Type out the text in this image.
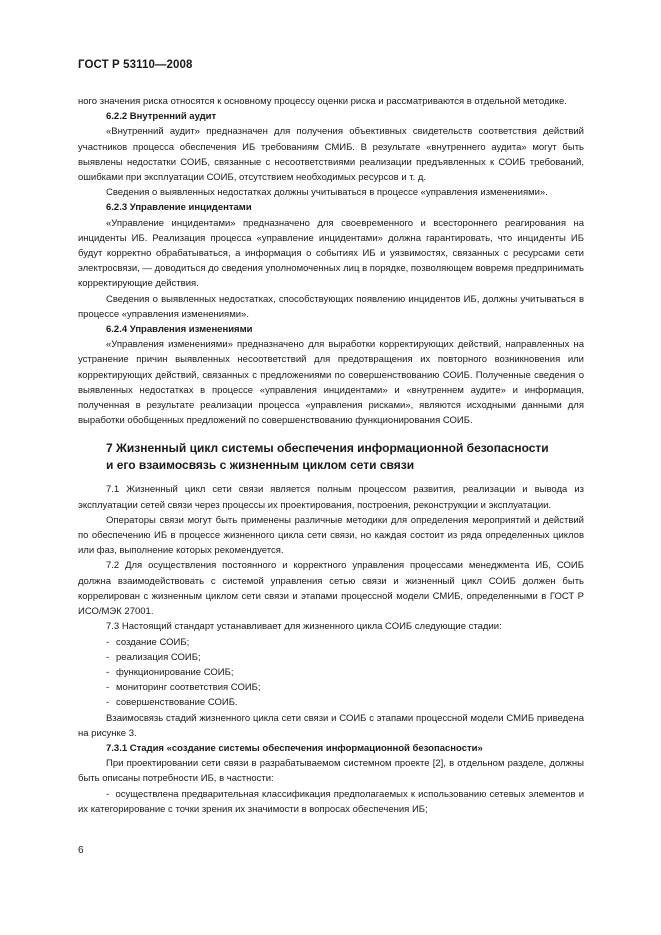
ГОСТ Р 53110—2008

ного значения риска относятся к основному процессу оценки риска и рассматриваются в отдельной методике.

6.2.2 Внутренний аудит

«Внутренний аудит» предназначен для получения объективных свидетельств соответствия действий участников процесса обеспечения ИБ требованиям СМИБ. В результате «внутреннего аудита» могут быть выявлены недостатки СОИБ, связанные с несоответствиями реализации предъявленных к СОИБ требований, ошибками при эксплуатации СОИБ, отсутствием необходимых ресурсов и т. д.

Сведения о выявленных недостатках должны учитываться в процессе «управления изменениями».

6.2.3 Управление инцидентами

«Управление инцидентами» предназначено для своевременного и всестороннего реагирования на инциденты ИБ. Реализация процесса «управление инцидентами» должна гарантировать, что инциденты ИБ будут корректно обрабатываться, а информация о событиях ИБ и уязвимостях, связанных с ресурсами сети электросвязи, — доводиться до сведения уполномоченных лиц в порядке, позволяющем вовремя предпринимать корректирующие действия.

Сведения о выявленных недостатках, способствующих появлению инцидентов ИБ, должны учитываться в процессе «управления изменениями».

6.2.4 Управления изменениями

«Управления изменениями» предназначено для выработки корректирующих действий, направленных на устранение причин выявленных несоответствий для предотвращения их повторного возникновения или корректирующих действий, связанных с предложениями по совершенствованию СОИБ. Полученные сведения о выявленных недостатках в процессе «управления инцидентами» и «внутреннем аудите» и информация, полученная в результате реализации процесса «управления рисками», являются исходными данными для выработки обобщенных предложений по совершенствованию функционирования СОИБ.

7 Жизненный цикл системы обеспечения информационной безопасности
и его взаимосвязь с жизненным циклом сети связи

7.1 Жизненный цикл сети связи является полным процессом развития, реализации и вывода из эксплуатации сетей связи через процессы их проектирования, построения, реконструкции и эксплуатации.

Операторы связи могут быть применены различные методики для определения мероприятий и действий по обеспечению ИБ в процессе жизненного цикла сети связи, но каждая состоит из ряда определенных циклов или фаз, выполнение которых рекомендуется.

7.2 Для осуществления постоянного и корректного управления процессами менеджмента ИБ, СОИБ должна взаимодействовать с системой управления сетью связи и жизненный цикл СОИБ должен быть коррелирован с жизненным циклом сети связи и этапами процессной модели СМИБ, определенными в ГОСТ Р ИСО/МЭК 27001.

7.3 Настоящий стандарт устанавливает для жизненного цикла СОИБ следующие стадии:

- создание СОИБ;
- реализация СОИБ;
- функционирование СОИБ;
- мониторинг соответствия СОИБ;
- совершенствование СОИБ.

Взаимосвязь стадий жизненного цикла сети связи и СОИБ с этапами процессной модели СМИБ приведена на рисунке 3.

7.3.1 Стадия «создание системы обеспечения информационной безопасности»

При проектировании сети связи в разрабатываемом системном проекте [2], в отдельном разделе, должны быть описаны потребности ИБ, в частности:

- осуществлена предварительная классификация предполагаемых к использованию сетевых элементов и их категорирование с точки зрения их значимости в вопросах обеспечения ИБ;

6
